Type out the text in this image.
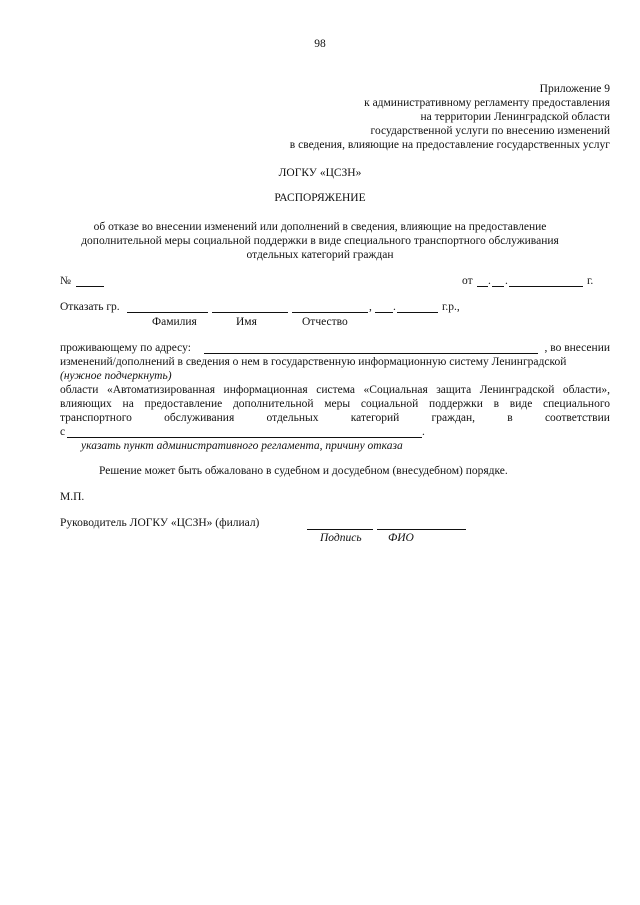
98
Приложение 9
к административному регламенту предоставления
на территории Ленинградской области
государственной услуги по внесению изменений
в сведения, влияющие на предоставление государственных услуг
ЛОГКУ «ЦСЗН»
РАСПОРЯЖЕНИЕ
об отказе во внесении изменений или дополнений в сведения, влияющие на предоставление
дополнительной меры социальной поддержки в виде специального транспортного обслуживания
отдельных категорий граждан
№	от . .	г.
Отказать гр.	, .	г.р.,
Фамилия	Имя	Отчество
проживающему по адресу:	, во внесении
изменений/дополнений в сведения о нем в государственную информационную систему Ленинградской
(нужное подчеркнуть)
области «Автоматизированная информационная система «Социальная защита Ленинградской области»,
влияющих на предоставление дополнительной меры социальной поддержки в виде специального
транспортного	обслуживания	отдельных	категорий	граждан,	в	соответствии
с	.
указать пункт административного регламента, причину отказа
Решение может быть обжаловано в судебном и досудебном (внесудебном) порядке.
М.П.
Руководитель ЛОГКУ «ЦСЗН» (филиал)
Подпись ФИО
